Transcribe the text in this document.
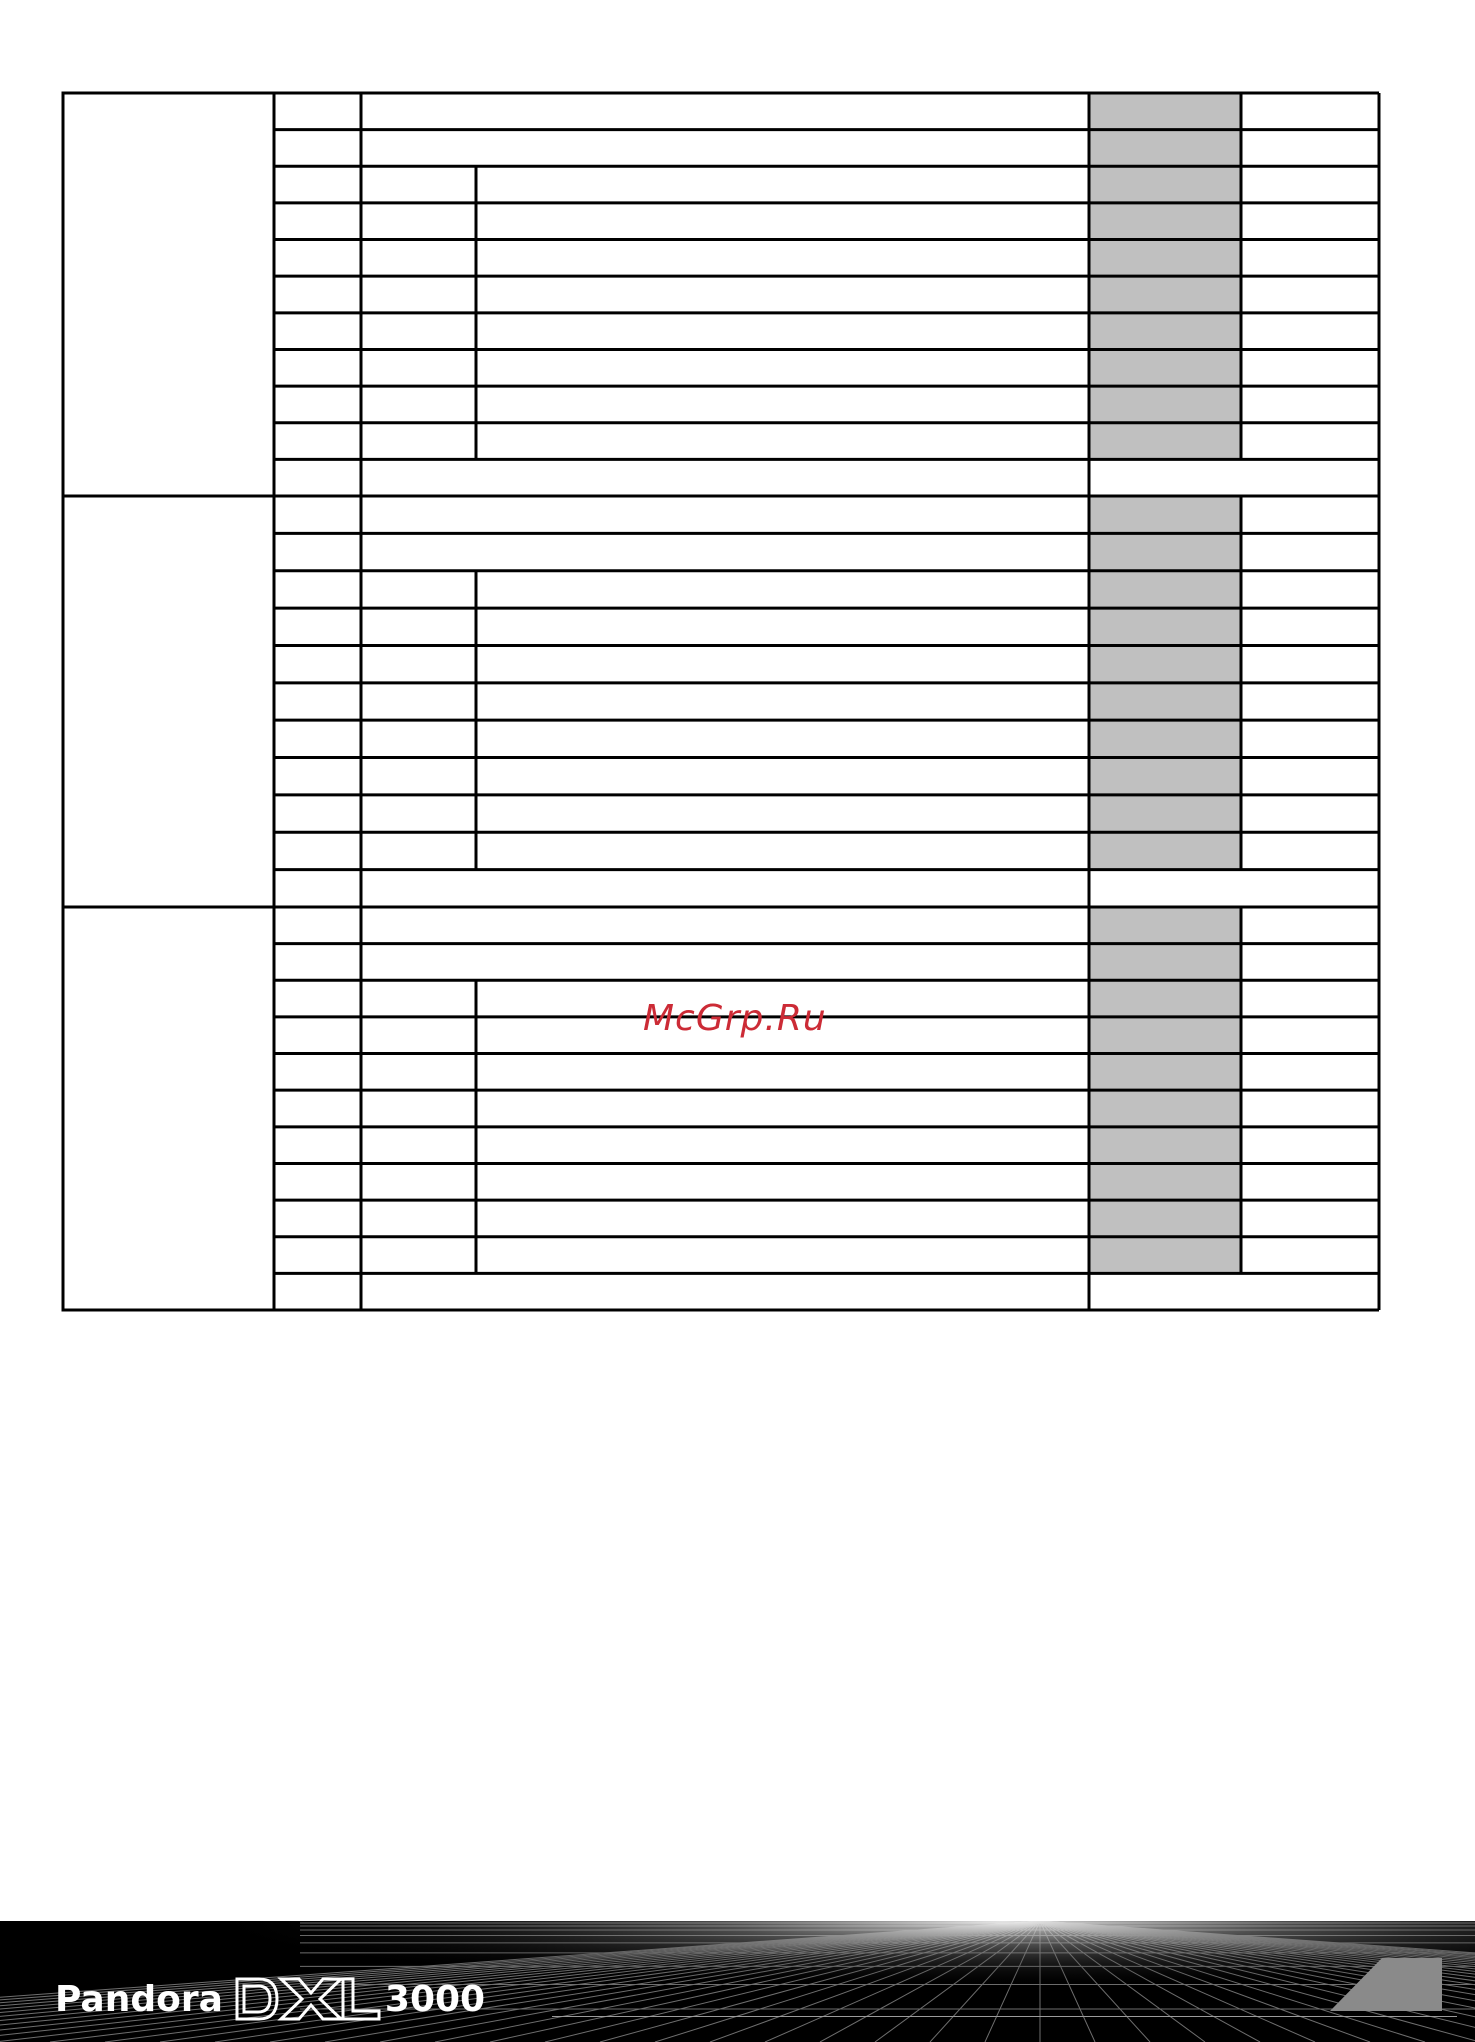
McGrp.Ru
Pandora	3000
